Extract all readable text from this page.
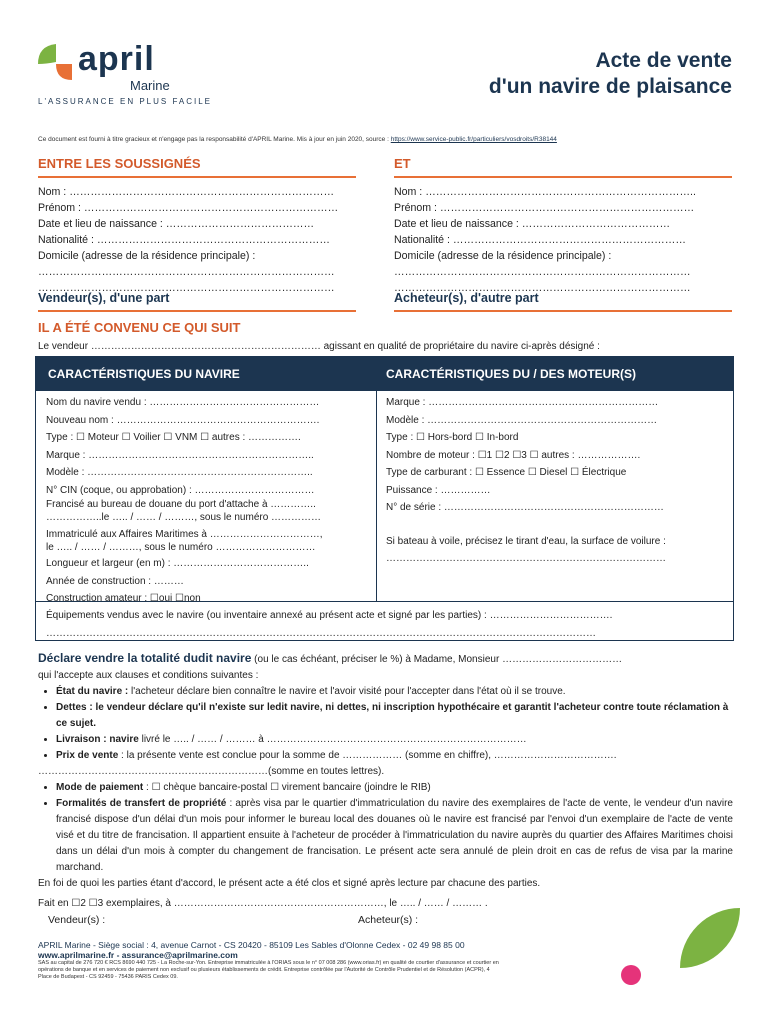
april
Marine
L'ASSURANCE EN PLUS FACILE
Acte de vente
d'un navire de plaisance
Ce document est fourni à titre gracieux et n'engage pas la responsabilité d'APRIL Marine. Mis à jour en juin 2020, source : https://www.service-public.fr/particuliers/vosdroits/R38144
ENTRE LES SOUSSIGNÉS
Nom : …………………………………………………………………
Prénom : ………………………………………………………………
Date et lieu de naissance : ……………………………………
Nationalité : …………………………………………………………
Domicile (adresse de la résidence principale) :
…………………………………………………………………………
…………………………………………………………………………
Vendeur(s), d'une part
ET
Nom : …………………………………………………………………..
Prénom : ………………………………………………………………
Date et lieu de naissance : ……………………………………
Nationalité : …………………………………………………………
Domicile (adresse de la résidence principale) :
…………………………………………………………………………
…………………………………………………………………………
Acheteur(s), d'autre part
IL A ÉTÉ CONVENU CE QUI SUIT
Le vendeur …………………………………………………………… agissant en qualité de propriétaire du navire ci-après désigné :
CARACTÉRISTIQUES DU NAVIRE	CARACTÉRISTIQUES DU / DES MOTEUR(S)
Nom du navire vendu : ……………………………………………
Nouveau nom : …………………………………………………….
Type : ☐ Moteur ☐ Voilier ☐ VNM ☐ autres : …………….
Marque : …………………………………………………………..
Modèle : …………………………………………………………..
N° CIN (coque, ou approbation) : ………………………………
Francisé au bureau de douane du port d'attache à …………..
……………..le ….. / …… / ………, sous le numéro ……………
Immatriculé aux Affaires Maritimes à ……………………………,
le ….. / …… / ………, sous le numéro …………………………
Longueur et largeur (en m) : …………………………………..
Année de construction : ………
Construction amateur : ☐oui ☐non
Marque : ……………………………………………………………
Modèle : ……………………………………………………………
Type : ☐ Hors-bord ☐ In-bord
Nombre de moteur : ☐1 ☐2 ☐3 ☐ autres : ……………….
Type de carburant : ☐ Essence ☐ Diesel ☐ Électrique
Puissance : ……………
N° de série : …………………………………………………………
Si bateau à voile, précisez le tirant d'eau, la surface de voilure :
…………………………………………………………………………
Équipements vendus avec le navire (ou inventaire annexé au présent acte et signé par les parties) : ……………………………….
…………………………………………………………………………………………………………………………………………………
Déclare vendre la totalité dudit navire (ou le cas échéant, préciser le %) à Madame, Monsieur ………………………………
qui l'accepte aux clauses et conditions suivantes :
• État du navire : l'acheteur déclare bien connaître le navire et l'avoir visité pour l'accepter dans l'état où il se trouve.
• Dettes : le vendeur déclare qu'il n'existe sur ledit navire, ni dettes, ni inscription hypothécaire et garantit l'acheteur contre toute réclamation à ce sujet.
• Livraison : navire livré le ….. / …… / ……… à ……………………………………………………………………
• Prix de vente : la présente vente est conclue pour la somme de ……………… (somme en chiffre), ……………………………….
……………………………………………………………(somme en toutes lettres).
• Mode de paiement : ☐ chèque bancaire-postal ☐ virement bancaire (joindre le RIB)
• Formalités de transfert de propriété : après visa par le quartier d'immatriculation du navire des exemplaires de l'acte de vente, le vendeur d'un navire francisé dispose d'un délai d'un mois pour informer le bureau local des douanes où le navire est francisé par l'envoi d'un exemplaire de l'acte de vente visé et du titre de francisation. Il appartient ensuite à l'acheteur de procéder à l'immatriculation du navire auprès du quartier des Affaires Maritimes choisi dans un délai d'un mois à compter du changement de francisation. Le présent acte sera annulé de plein droit en cas de refus de visa par la marine marchand.
En foi de quoi les parties étant d'accord, le présent acte a été clos et signé après lecture par chacune des parties.
Fait en ☐2 ☐3 exemplaires, à ………………………………………………………, le ….. / …… / ……… .
Vendeur(s) :	Acheteur(s) :
APRIL Marine - Siège social : 4, avenue Carnot - CS 20420 - 85109 Les Sables d'Olonne Cedex - 02 49 98 85 00
www.aprilmarine.fr - assurance@aprilmarine.com
SAS au capital de 276 720 € RCS 8690 440 725 - La Roche-sur-Yon. Entreprise immatriculée à l'ORIAS sous le n° 07 008 286 (www.orias.fr) en qualité de courtier d'assurance et courtier en
opérations de banque et en services de paiement non exclusif ou plusieurs établissements de crédit. Entreprise contrôlée par l'Autorité de Contrôle Prudentiel et de Résolution (ACPR), 4
Place de Budapest - CS 92459 - 75436 PARIS Cedex 09.
